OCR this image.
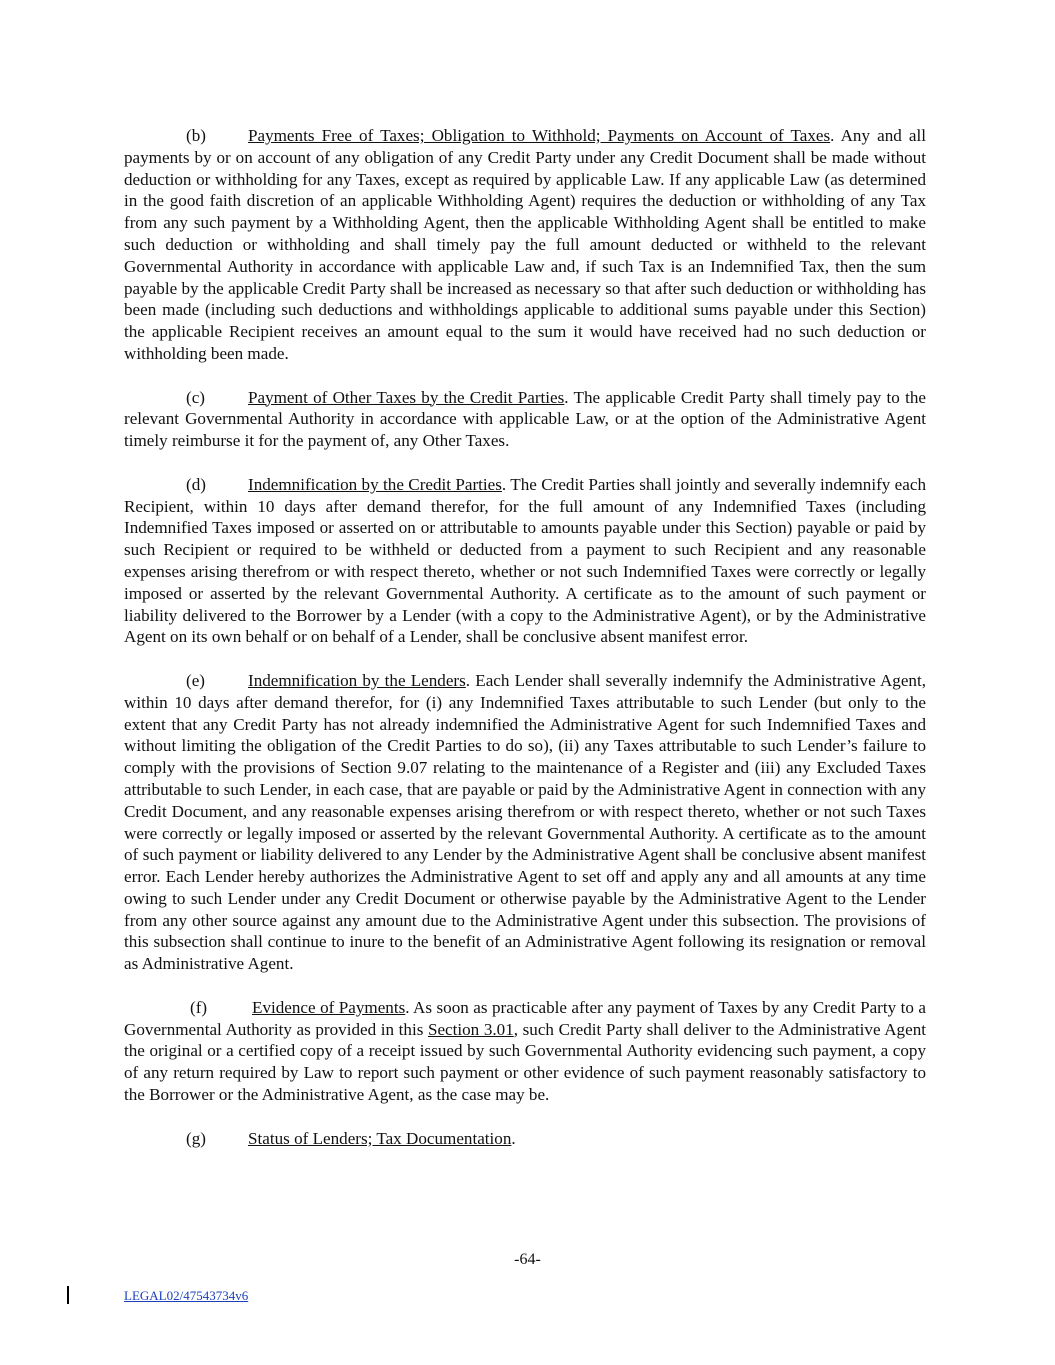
(b) Payments Free of Taxes; Obligation to Withhold; Payments on Account of Taxes. Any and all payments by or on account of any obligation of any Credit Party under any Credit Document shall be made without deduction or withholding for any Taxes, except as required by applicable Law. If any applicable Law (as determined in the good faith discretion of an applicable Withholding Agent) requires the deduction or withholding of any Tax from any such payment by a Withholding Agent, then the applicable Withholding Agent shall be entitled to make such deduction or withholding and shall timely pay the full amount deducted or withheld to the relevant Governmental Authority in accordance with applicable Law and, if such Tax is an Indemnified Tax, then the sum payable by the applicable Credit Party shall be increased as necessary so that after such deduction or withholding has been made (including such deductions and withholdings applicable to additional sums payable under this Section) the applicable Recipient receives an amount equal to the sum it would have received had no such deduction or withholding been made.

(c)	Payment of Other Taxes by the Credit Parties. The applicable Credit Party shall timely pay to the relevant Governmental Authority in accordance with applicable Law, or at the option of the Administrative Agent timely reimburse it for the payment of, any Other Taxes.

(d) Indemnification by the Credit Parties. The Credit Parties shall jointly and severally indemnify each Recipient, within 10 days after demand therefor, for the full amount of any Indemnified Taxes (including Indemnified Taxes imposed or asserted on or attributable to amounts payable under this Section) payable or paid by such Recipient or required to be withheld or deducted from a payment to such Recipient and any reasonable expenses arising therefrom or with respect thereto, whether or not such Indemnified Taxes were correctly or legally imposed or asserted by the relevant Governmental Authority. A certificate as to the amount of such payment or liability delivered to the Borrower by a Lender (with a copy to the Administrative Agent), or by the Administrative Agent on its own behalf or on behalf of a Lender, shall be conclusive absent manifest error.

(e)	Indemnification by the Lenders. Each Lender shall severally indemnify the Administrative Agent, within 10 days after demand therefor, for (i) any Indemnified Taxes attributable to such Lender (but only to the extent that any Credit Party has not already indemnified the Administrative Agent for such Indemnified Taxes and without limiting the obligation of the Credit Parties to do so), (ii) any Taxes attributable to such Lender’s failure to comply with the provisions of Section 9.07 relating to the maintenance of a Register and (iii) any Excluded Taxes attributable to such Lender, in each case, that are payable or paid by the Administrative Agent in connection with any Credit Document, and any reasonable expenses arising therefrom or with respect thereto, whether or not such Taxes were correctly or legally imposed or asserted by the relevant Governmental Authority. A certificate as to the amount of such payment or liability delivered to any Lender by the Administrative Agent shall be conclusive absent manifest error. Each Lender hereby authorizes the Administrative Agent to set off and apply any and all amounts at any time owing to such Lender under any Credit Document or otherwise payable by the Administrative Agent to the Lender from any other source against any amount due to the Administrative Agent under this subsection. The provisions of this subsection shall continue to inure to the benefit of an Administrative Agent following its resignation or removal as Administrative Agent.

(f)	Evidence of Payments. As soon as practicable after any payment of Taxes by any Credit Party to a Governmental Authority as provided in this Section 3.01, such Credit Party shall deliver to the Administrative Agent the original or a certified copy of a receipt issued by such Governmental Authority evidencing such payment, a copy of any return required by Law to report such payment or other evidence of such payment reasonably satisfactory to the Borrower or the Administrative Agent, as the case may be.

(g) Status of Lenders; Tax Documentation.

-64-
LEGAL02/47543734v6
